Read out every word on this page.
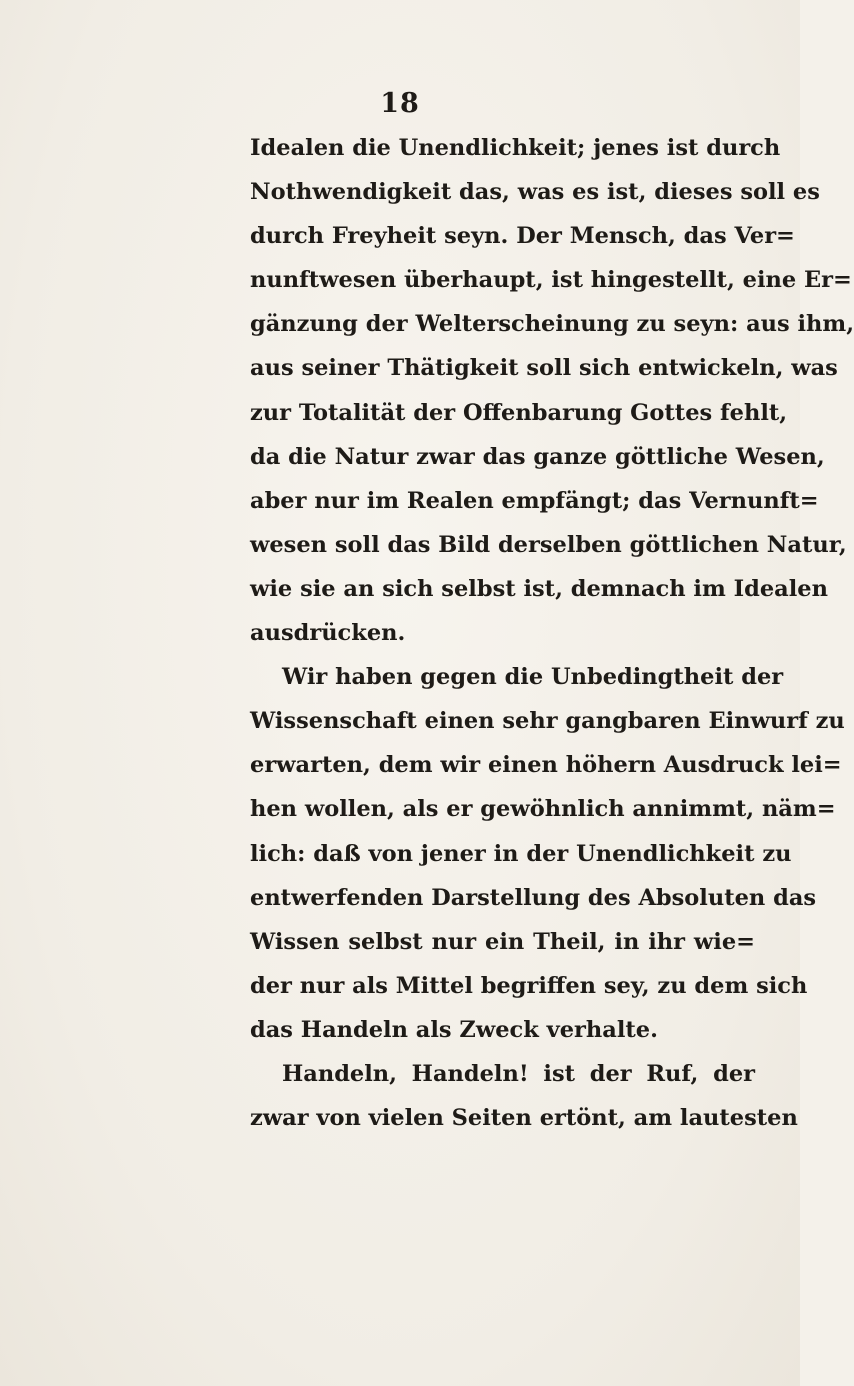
18
Idealen die Unendlichkeit; jenes ist durch
Nothwendigkeit das, was es ist, dieses soll es
durch Freyheit seyn. Der Mensch, das Ver=
nunftwesen überhaupt, ist hingestellt, eine Er=
gänzung der Welterscheinung zu seyn: aus ihm,
aus seiner Thätigkeit soll sich entwickeln, was
zur Totalität der Offenbarung Gottes fehlt,
da die Natur zwar das ganze göttliche Wesen,
aber nur im Realen empfängt; das Vernunft=
wesen soll das Bild derselben göttlichen Natur,
wie sie an sich selbst ist, demnach im Idealen
ausdrücken.
Wir haben gegen die Unbedingtheit der
Wissenschaft einen sehr gangbaren Einwurf zu
erwarten, dem wir einen höhern Ausdruck lei=
hen wollen, als er gewöhnlich annimmt, näm=
lich: daß von jener in der Unendlichkeit zu
entwerfenden Darstellung des Absoluten das
Wissen selbst nur ein Theil, in ihr wie=
der nur als Mittel begriffen sey, zu dem sich
das Handeln als Zweck verhalte.
Handeln, Handeln! ist der Ruf, der
zwar von vielen Seiten ertönt, am lautesten
